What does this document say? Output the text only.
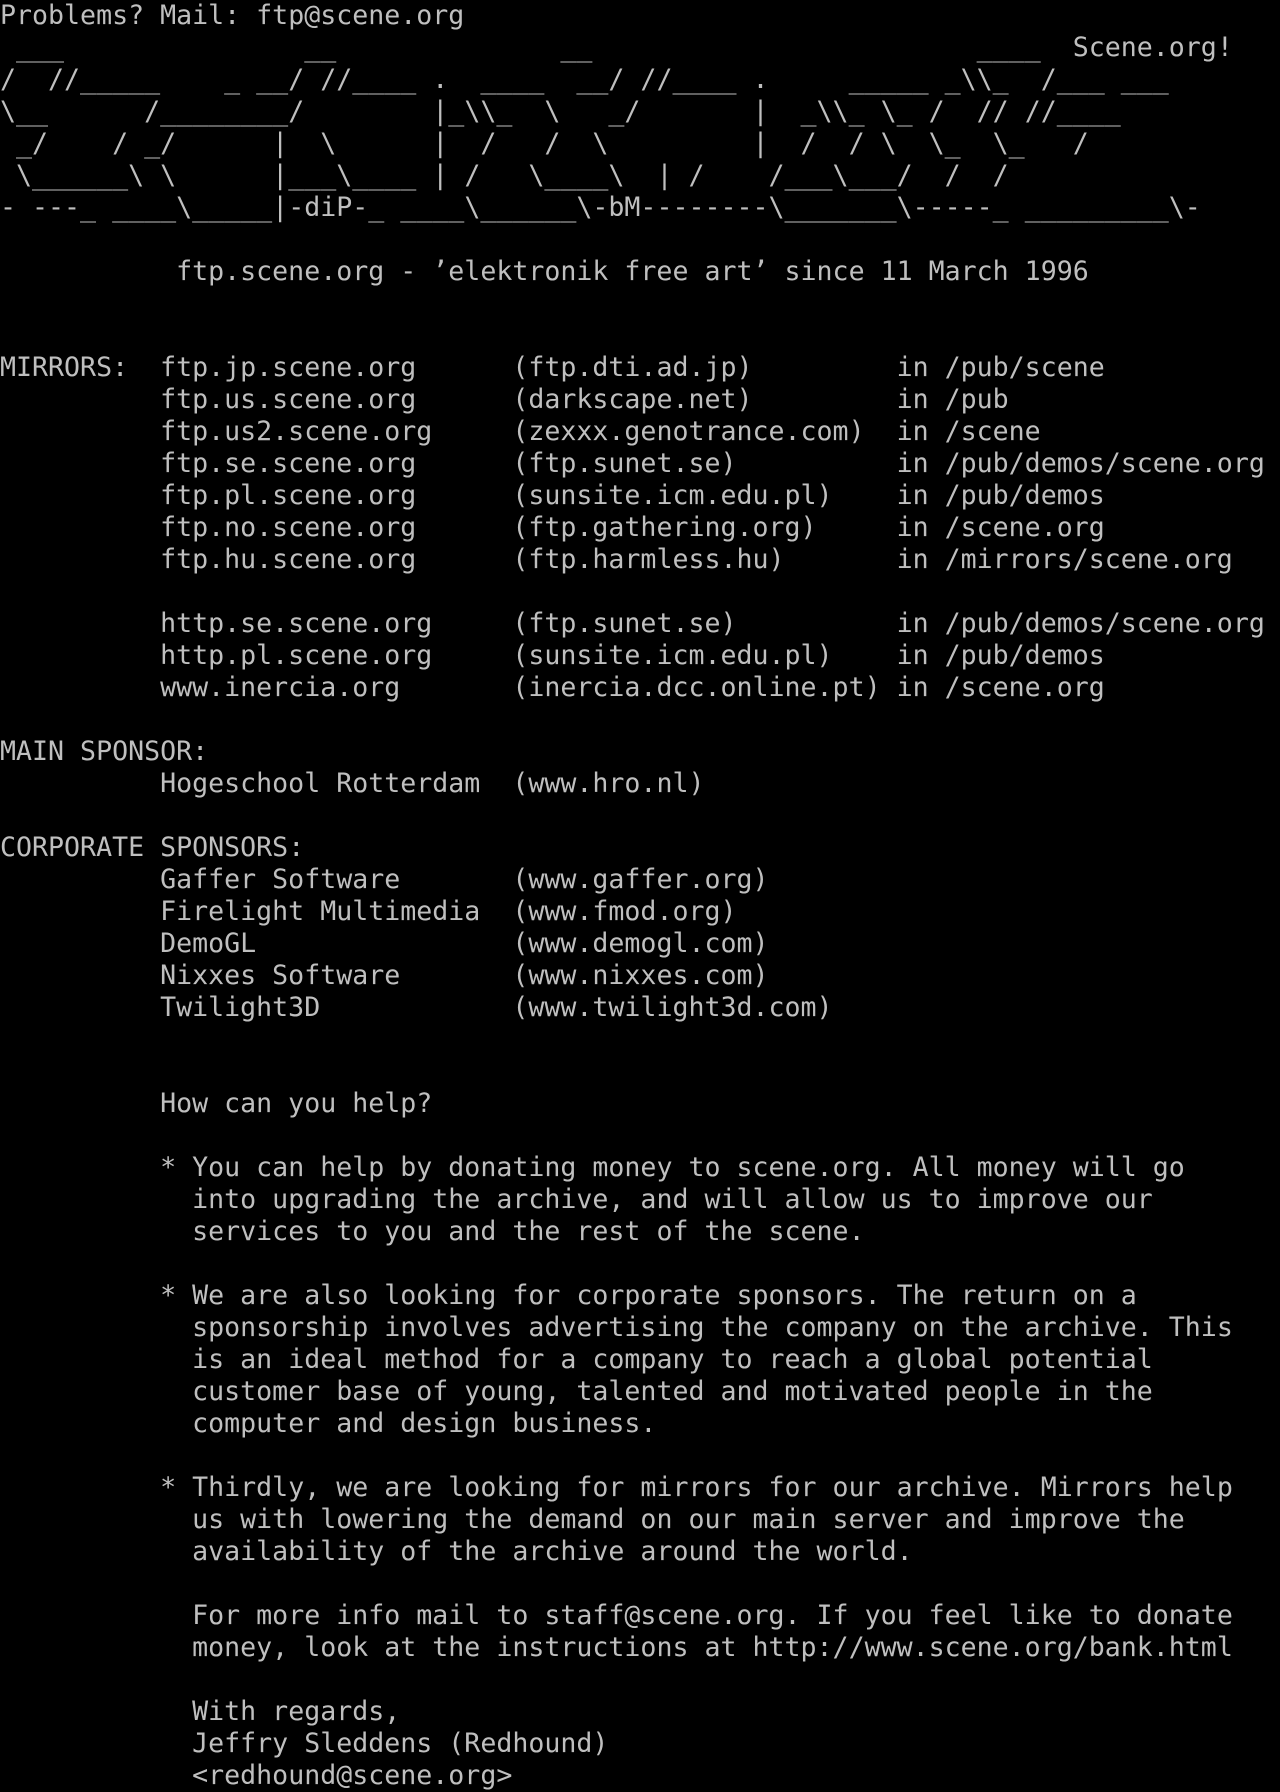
Problems? Mail: ftp@scene.org
___               __              __                        ____ Scene.org!
/  //_____    _ __/ //____ .  ____  __/ //____ .     _____ _\\_  /___ ___
\__      /________/        |_\\_  \   _/       |  _\\_ \_ /  // //____
_/    / _/      |  \      |  /   /  \         |  /  / \  \_  \_   /
\______\ \      |___\____ | /   \____\  | /    /___\___/  /  /
- ---_ ____\_____|-diP-_ ____\______\-bM--------\_______\-----_ _________\-
ftp.scene.org - ’elektronik free art’ since 11 March 1996
MIRRORS: ftp.jp.scene.org	(ftp.dti.ad.jp)	in /pub/scene
ftp.us.scene.org	(darkscape.net)	in /pub
ftp.us2.scene.org	(zexxx.genotrance.com) in /scene
ftp.se.scene.org	(ftp.sunet.se)	in /pub/demos/scene.org
ftp.pl.scene.org	(sunsite.icm.edu.pl) in /pub/demos
ftp.no.scene.org	(ftp.gathering.org)	in /scene.org
ftp.hu.scene.org	(ftp.harmless.hu)	in /mirrors/scene.org
http.se.scene.org	(ftp.sunet.se)	in /pub/demos/scene.org
http.pl.scene.org	(sunsite.icm.edu.pl) in /pub/demos
www.inercia.org	(inercia.dcc.online.pt) in /scene.org
MAIN SPONSOR:
Hogeschool Rotterdam (www.hro.nl)
CORPORATE SPONSORS:
Gaffer Software	(www.gaffer.org)
Firelight Multimedia (www.fmod.org)
DemoGL	(www.demogl.com)
Nixxes Software	(www.nixxes.com)
Twilight3D	(www.twilight3d.com)
How can you help?
* You can help by donating money to scene.org. All money will go
into upgrading the archive, and will allow us to improve our
services to you and the rest of the scene.
* We are also looking for corporate sponsors. The return on a
sponsorship involves advertising the company on the archive. This
is an ideal method for a company to reach a global potential
customer base of young, talented and motivated people in the
computer and design business.
* Thirdly, we are looking for mirrors for our archive. Mirrors help
us with lowering the demand on our main server and improve the
availability of the archive around the world.
For more info mail to staff@scene.org. If you feel like to donate
money, look at the instructions at http://www.scene.org/bank.html
With regards,
Jeffry Sleddens (Redhound)
<redhound@scene.org>
